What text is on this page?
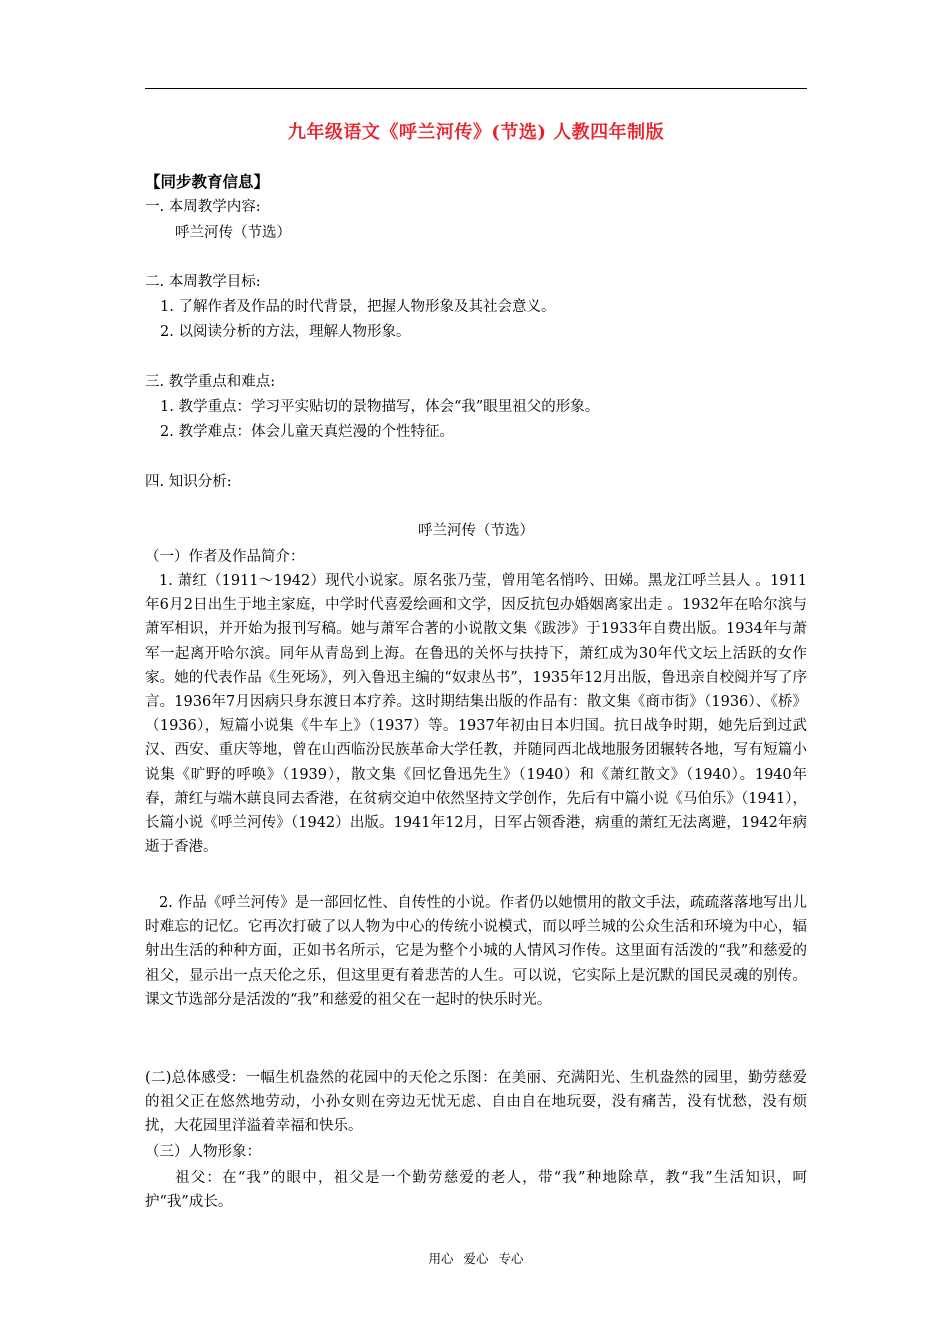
九年级语文《呼兰河传》(节选) 人教四年制版
【同步教育信息】
一. 本周教学内容:
呼兰河传（节选）
二. 本周教学目标:
1. 了解作者及作品的时代背景，把握人物形象及其社会意义。
2. 以阅读分析的方法，理解人物形象。
三. 教学重点和难点:
1. 教学重点：学习平实贴切的景物描写，体会“我”眼里祖父的形象。
2. 教学难点：体会儿童天真烂漫的个性特征。
四. 知识分析:
呼兰河传（节选）
（一）作者及作品简介：

1. 萧红（1911～1942）现代小说家。原名张乃莹，曾用笔名悄吟、田娣。黑龙江呼兰县人 。1911年6月2日出生于地主家庭，中学时代喜爱绘画和文学，因反抗包办婚姻离家出走 。1932年在哈尔滨与萧军相识，并开始为报刊写稿。她与萧军合著的小说散文集《跋涉》于1933年自费出版。1934年与萧军一起离开哈尔滨。同年从青岛到上海。在鲁迅的关怀与扶持下，萧红成为30年代文坛上活跃的女作家。她的代表作品《生死场》，列入鲁迅主编的“奴隶丛书”，1935年12月出版，鲁迅亲自校阅并写了序言。1936年7月因病只身东渡日本疗养。这时期结集出版的作品有：散文集《商市街》（1936）、《桥》（1936），短篇小说集《牛车上》（1937）等。1937年初由日本归国。抗日战争时期，她先后到过武汉、西安、重庆等地，曾在山西临汾民族革命大学任教，并随同西北战地服务团辗转各地，写有短篇小说集《旷野的呼唤》（1939），散文集《回忆鲁迅先生》（1940）和《萧红散文》（1940）。1940年春，萧红与端木蕻良同去香港，在贫病交迫中依然坚持文学创作，先后有中篇小说《马伯乐》（1941），长篇小说《呼兰河传》（1942）出版。1941年12月，日军占领香港，病重的萧红无法离避，1942年病逝于香港。

2. 作品《呼兰河传》是一部回忆性、自传性的小说。作者仍以她惯用的散文手法，疏疏落落地写出儿时难忘的记忆。它再次打破了以人物为中心的传统小说模式，而以呼兰城的公众生活和环境为中心，辐射出生活的种种方面，正如书名所示，它是为整个小城的人情风习作传。这里面有活泼的“我”和慈爱的祖父，显示出一点天伦之乐，但这里更有着悲苦的人生。可以说，它实际上是沉默的国民灵魂的别传。课文节选部分是活泼的“我”和慈爱的祖父在一起时的快乐时光。

(二)总体感受：一幅生机盎然的花园中的天伦之乐图：在美丽、充满阳光、生机盎然的园里，勤劳慈爱的祖父正在悠然地劳动，小孙女则在旁边无忧无虑、自由自在地玩耍，没有痛苦，没有忧愁，没有烦扰，大花园里洋溢着幸福和快乐。

（三）人物形象：

祖父：在“我”的眼中，祖父是一个勤劳慈爱的老人，带“我”种地除草，教“我”生活知识，呵护“我”成长。

用心 爱心 专心
